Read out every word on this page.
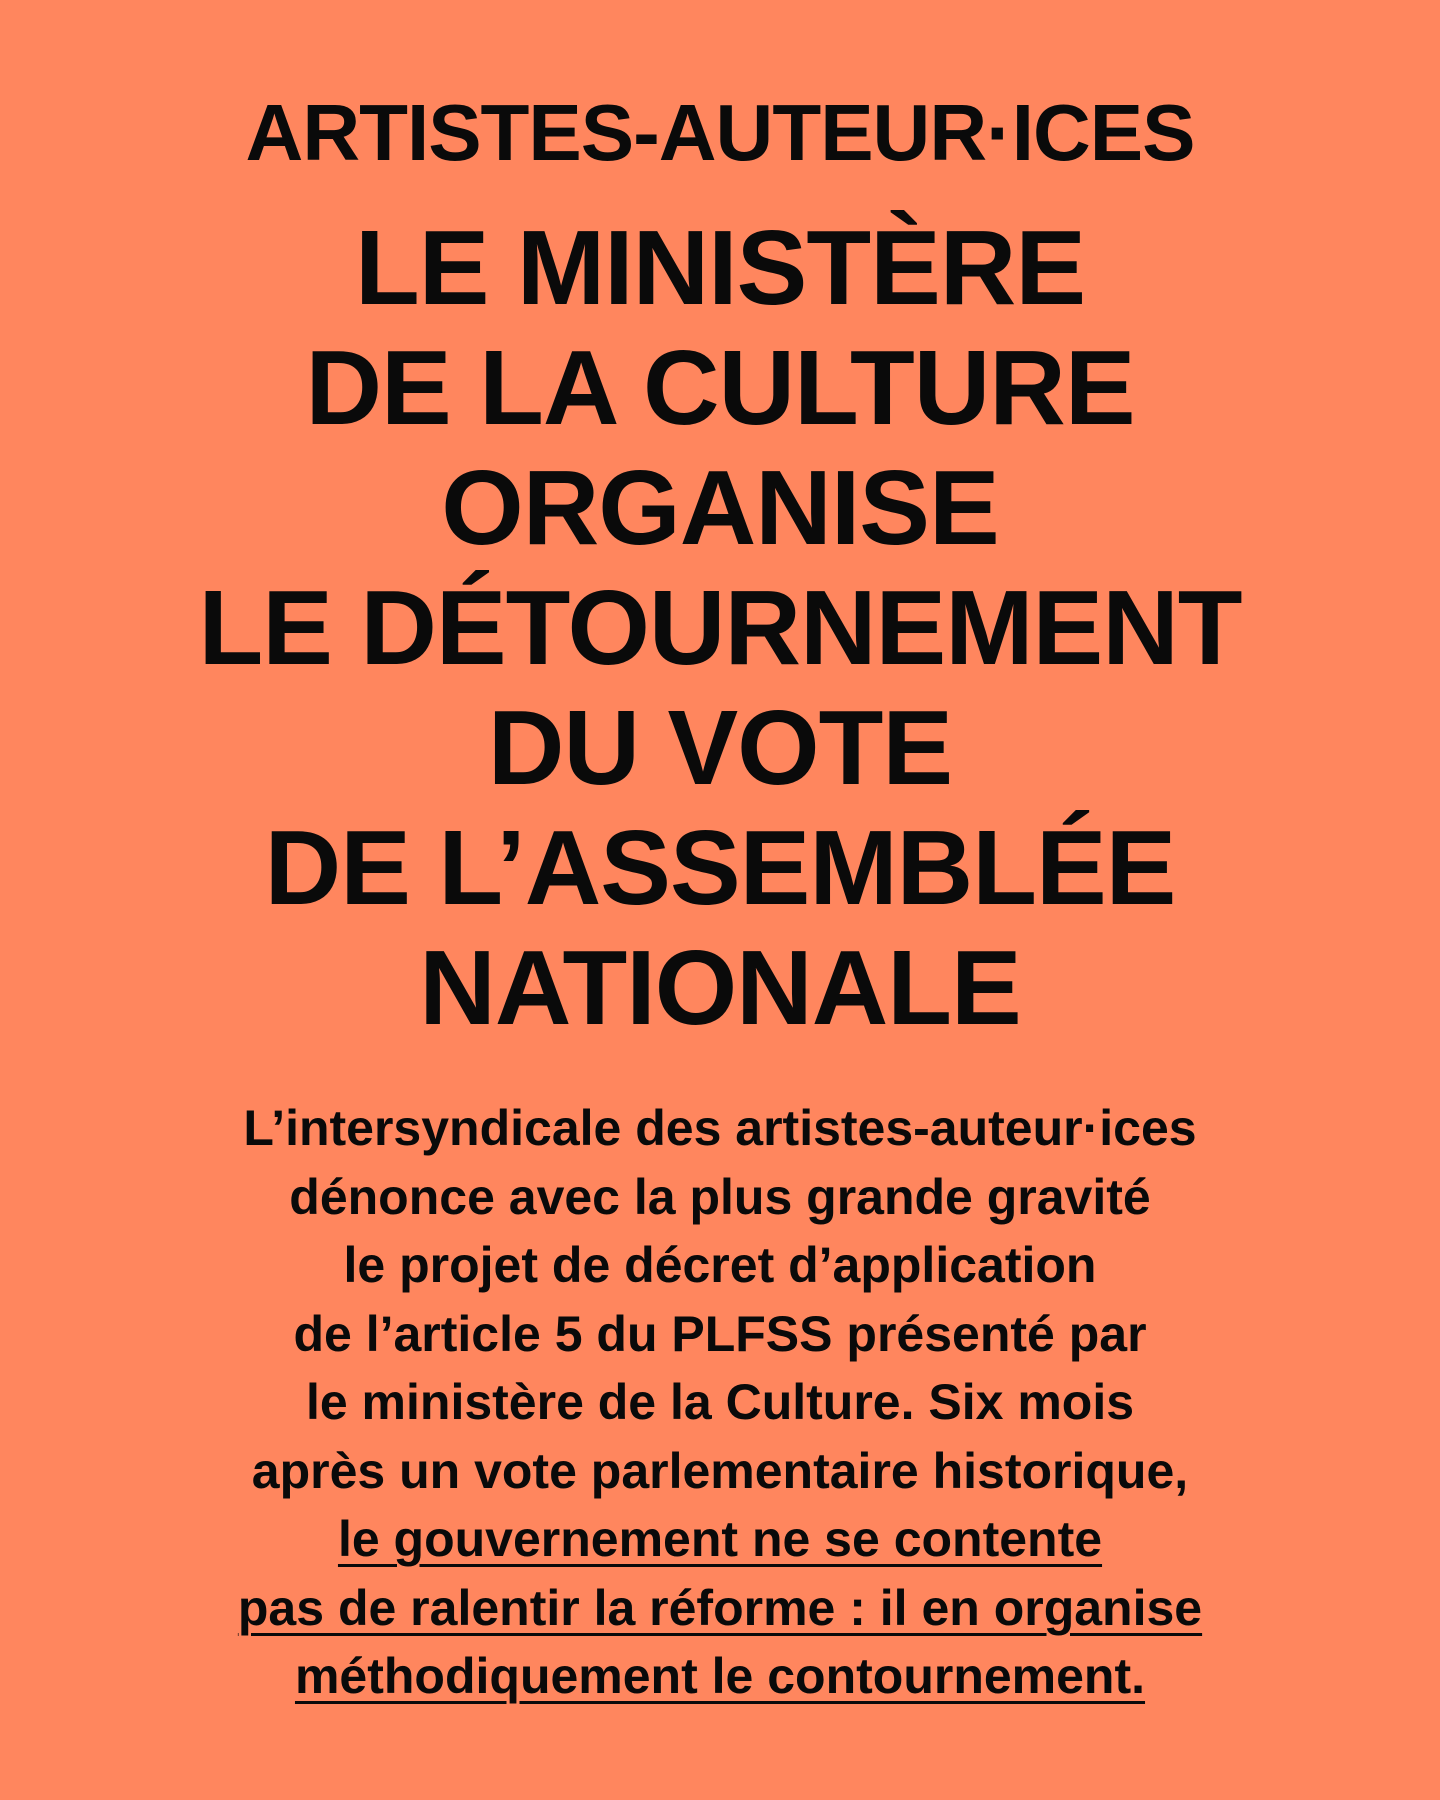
ARTISTES-AUTEUR·ICES
LE MINISTÈRE
DE LA CULTURE
ORGANISE
LE DÉTOURNEMENT
DU VOTE
DE L’ASSEMBLÉE
NATIONALE

L’intersyndicale des artistes-auteur·ices
dénonce avec la plus grande gravité
le projet de décret d’application
de l’article 5 du PLFSS présenté par
le ministère de la Culture. Six mois
après un vote parlementaire historique,
le gouvernement ne se contente
pas de ralentir la réforme : il en organise
méthodiquement le contournement.
